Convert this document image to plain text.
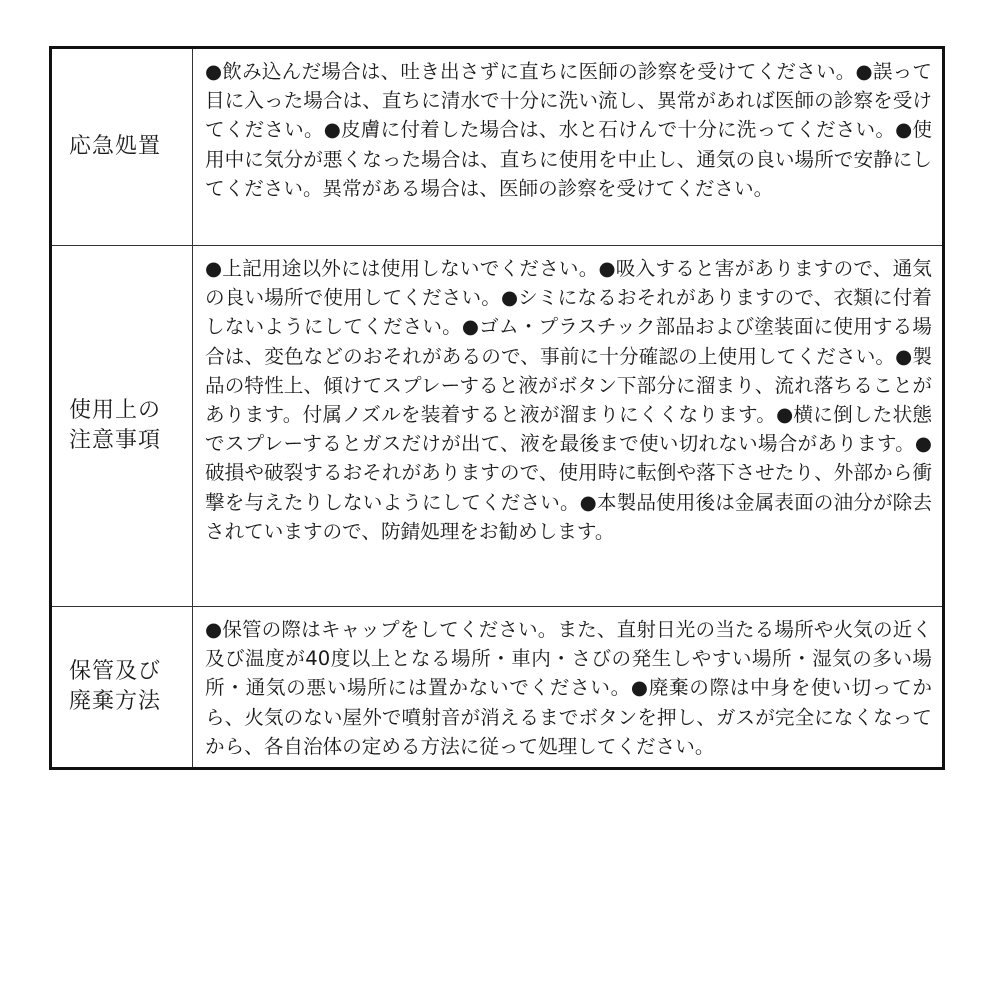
応急処置

●飲み込んだ場合は、吐き出さずに直ちに医師の診察を受けてください。●誤って目に入った場合は、直ちに清水で十分に洗い流し、異常があれば医師の診察を受けてください。●皮膚に付着した場合は、水と石けんで十分に洗ってください。●使用中に気分が悪くなった場合は、直ちに使用を中止し、通気の良い場所で安静にしてください。異常がある場合は、医師の診察を受けてください。

使用上の
注意事項

●上記用途以外には使用しないでください。●吸入すると害がありますので、通気の良い場所で使用してください。●シミになるおそれがありますので、衣類に付着しないようにしてください。●ゴム・プラスチック部品および塗装面に使用する場合は、変色などのおそれがあるので、事前に十分確認の上使用してください。●製品の特性上、傾けてスプレーすると液がボタン下部分に溜まり、流れ落ちることがあります。付属ノズルを装着すると液が溜まりにくくなります。●横に倒した状態でスプレーするとガスだけが出て、液を最後まで使い切れない場合があります。●破損や破裂するおそれがありますので、使用時に転倒や落下させたり、外部から衝撃を与えたりしないようにしてください。●本製品使用後は金属表面の油分が除去されていますので、防錆処理をお勧めします。

保管及び
廃棄方法

●保管の際はキャップをしてください。また、直射日光の当たる場所や火気の近く及び温度が40度以上となる場所・車内・さびの発生しやすい場所・湿気の多い場所・通気の悪い場所には置かないでください。●廃棄の際は中身を使い切ってから、火気のない屋外で噴射音が消えるまでボタンを押し、ガスが完全になくなってから、各自治体の定める方法に従って処理してください。
